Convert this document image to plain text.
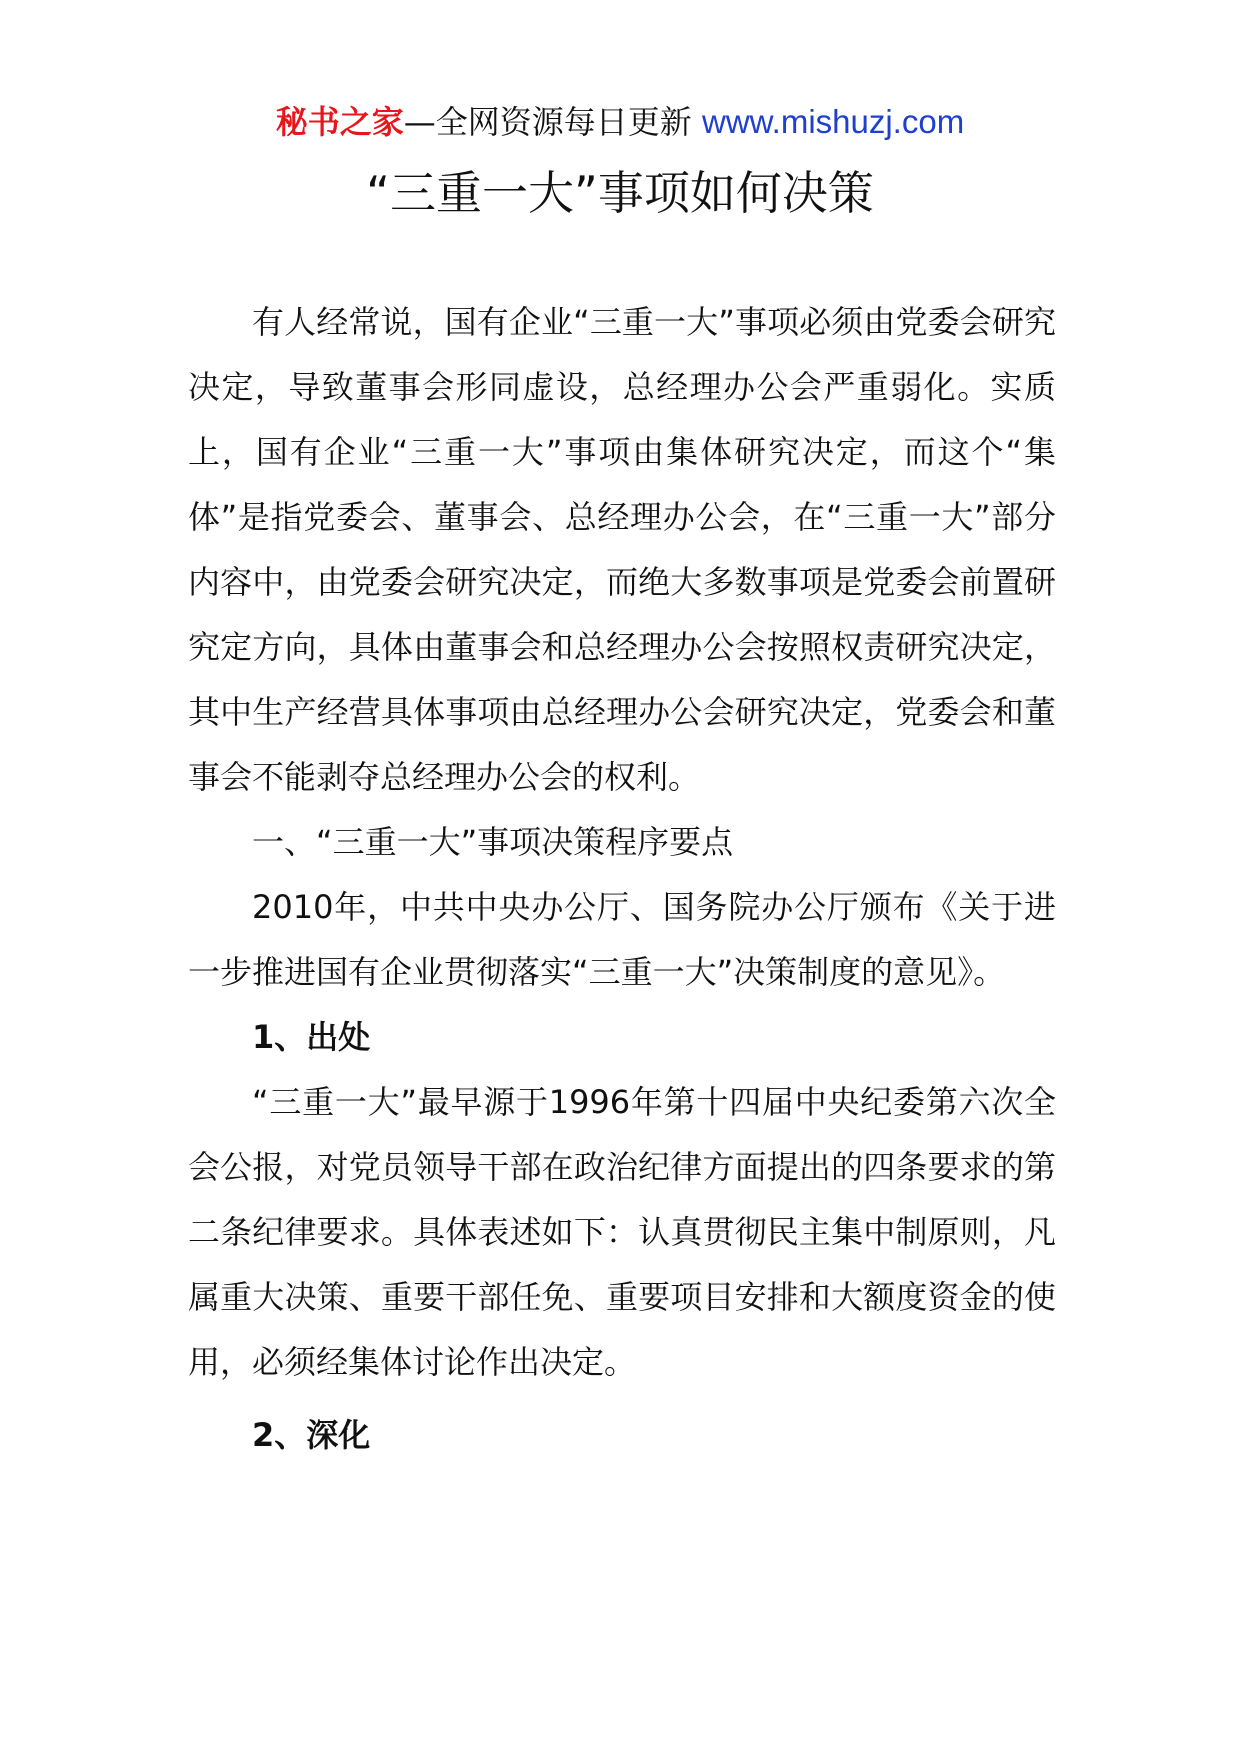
秘书之家—全网资源每日更新 www.mishuzj.com
“三重一大”事项如何决策

有人经常说，国有企业“三重一大”事项必须由党委会研究决定，导致董事会形同虚设，总经理办公会严重弱化。实质上，国有企业“三重一大”事项由集体研究决定，而这个“集体”是指党委会、董事会、总经理办公会，在“三重一大”部分内容中，由党委会研究决定，而绝大多数事项是党委会前置研究定方向，具体由董事会和总经理办公会按照权责研究决定，其中生产经营具体事项由总经理办公会研究决定，党委会和董事会不能剥夺总经理办公会的权利。

一、“三重一大”事项决策程序要点

2010年，中共中央办公厅、国务院办公厅颁布《关于进一步推进国有企业贯彻落实“三重一大”决策制度的意见》。

1、出处

“三重一大”最早源于1996年第十四届中央纪委第六次全会公报，对党员领导干部在政治纪律方面提出的四条要求的第二条纪律要求。具体表述如下：认真贯彻民主集中制原则，凡属重大决策、重要干部任免、重要项目安排和大额度资金的使用，必须经集体讨论作出决定。

2、深化
